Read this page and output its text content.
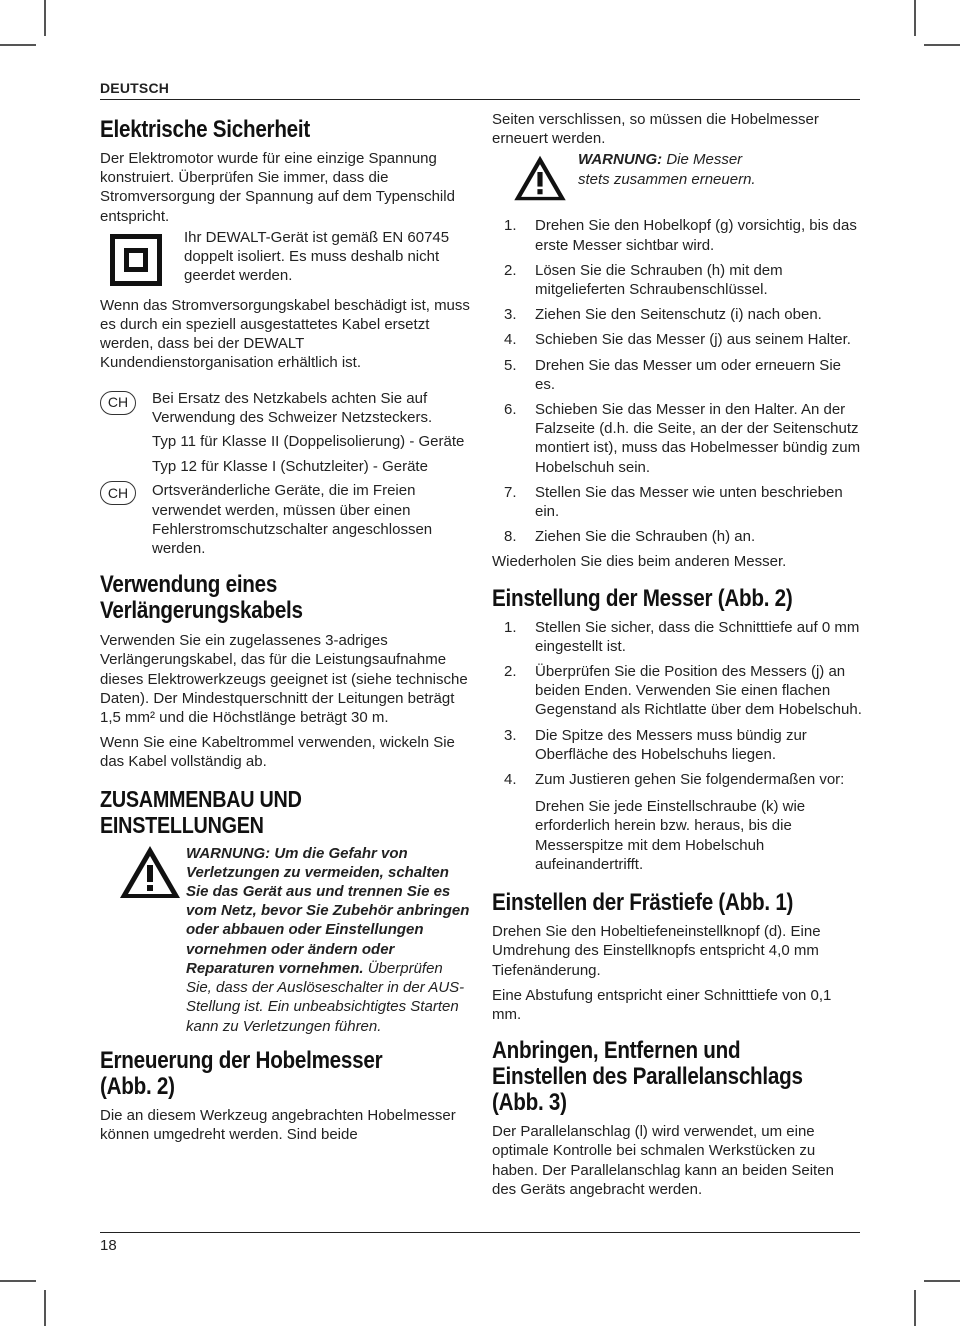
DEUTSCH
Elektrische Sicherheit

Der Elektromotor wurde für eine einzige Spannung konstruiert. Überprüfen Sie immer, dass die Stromversorgung der Spannung auf dem Typenschild entspricht.

Ihr DEWALT-Gerät ist gemäß EN 60745 doppelt isoliert. Es muss deshalb nicht geerdet werden.

Wenn das Stromversorgungskabel beschädigt ist, muss es durch ein speziell ausgestattetes Kabel ersetzt werden, dass bei der DEWALT Kundendienstorganisation erhältlich ist.

CH	Bei Ersatz des Netzkabels achten Sie auf Verwendung des Schweizer Netzsteckers.

Typ 11 für Klasse II (Doppelisolierung) - Geräte

Typ 12 für Klasse I (Schutzleiter) - Geräte

CH	Ortsveränderliche Geräte, die im Freien verwendet werden, müssen über einen Fehlerstromschutzschalter angeschlossen werden.

Verwendung eines Verlängerungskabels

Verwenden Sie ein zugelassenes 3-adriges Verlängerungskabel, das für die Leistungsaufnahme dieses Elektrowerkzeugs geeignet ist (siehe technische Daten). Der Mindestquerschnitt der Leitungen beträgt 1,5 mm² und die Höchstlänge beträgt 30 m.

Wenn Sie eine Kabeltrommel verwenden, wickeln Sie das Kabel vollständig ab.

ZUSAMMENBAU UND EINSTELLUNGEN

WARNUNG: Um die Gefahr von Verletzungen zu vermeiden, schalten Sie das Gerät aus und trennen Sie es vom Netz, bevor Sie Zubehör anbringen oder abbauen oder Einstellungen vornehmen oder ändern oder Reparaturen vornehmen. Überprüfen Sie, dass der Auslöseschalter in der AUS-Stellung ist. Ein unbeabsichtigtes Starten kann zu Verletzungen führen.

Erneuerung der Hobelmesser (Abb. 2)

Die an diesem Werkzeug angebrachten Hobelmesser können umgedreht werden. Sind beide

Seiten verschlissen, so müssen die Hobelmesser erneuert werden.

WARNUNG: Die Messer stets zusammen erneuern.

1.	Drehen Sie den Hobelkopf (g) vorsichtig, bis das erste Messer sichtbar wird.
2.	Lösen Sie die Schrauben (h) mit dem mitgelieferten Schraubenschlüssel.
3.	Ziehen Sie den Seitenschutz (i) nach oben.
4.	Schieben Sie das Messer (j) aus seinem Halter.
5.	Drehen Sie das Messer um oder erneuern Sie es.
6.	Schieben Sie das Messer in den Halter. An der Falzseite (d.h. die Seite, an der der Seitenschutz montiert ist), muss das Hobelmesser bündig zum Hobelschuh sein.
7.	Stellen Sie das Messer wie unten beschrieben ein.
8.	Ziehen Sie die Schrauben (h) an.

Wiederholen Sie dies beim anderen Messer.

Einstellung der Messer (Abb. 2)
1.	Stellen Sie sicher, dass die Schnitttiefe auf 0 mm eingestellt ist.
2.	Überprüfen Sie die Position des Messers (j) an beiden Enden. Verwenden Sie einen flachen Gegenstand als Richtlatte über dem Hobelschuh.
3.	Die Spitze des Messers muss bündig zur Oberfläche des Hobelschuhs liegen.
4.	Zum Justieren gehen Sie folgendermaßen vor:

Drehen Sie jede Einstellschraube (k) wie erforderlich herein bzw. heraus, bis die Messerspitze mit dem Hobelschuh aufeinandertrifft.

Einstellen der Frästiefe (Abb. 1)

Drehen Sie den Hobeltiefeneinstellknopf (d). Eine Umdrehung des Einstellknopfs entspricht 4,0 mm Tiefenänderung.

Eine Abstufung entspricht einer Schnitttiefe von 0,1 mm.

Anbringen, Entfernen und Einstellen des Parallelanschlags (Abb. 3)

Der Parallelanschlag (l) wird verwendet, um eine optimale Kontrolle bei schmalen Werkstücken zu haben. Der Parallelanschlag kann an beiden Seiten des Geräts angebracht werden.

18
